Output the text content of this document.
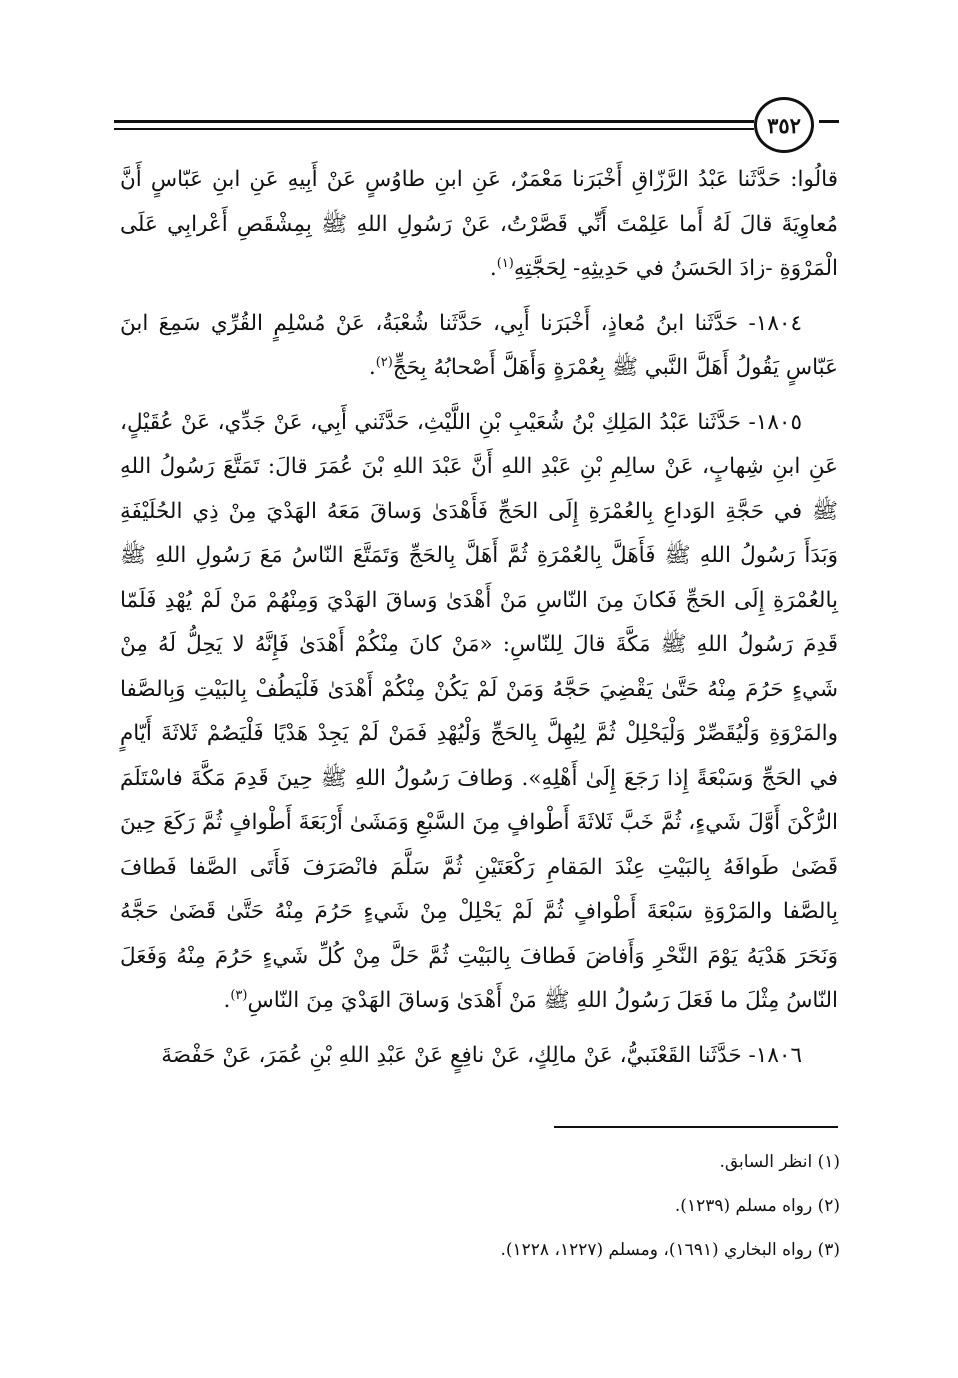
٣٥٢

قالُوا: حَدَّثَنا عَبْدُ الرَّزّاقِ أَخْبَرَنا مَعْمَرٌ، عَنِ ابنِ طاوُسٍ عَنْ أَبِيهِ عَنِ ابنِ عَبّاسٍ أَنَّ مُعاوِيَةَ قالَ لَهُ أَما عَلِمْتَ أَنِّي قَصَّرْتُ، عَنْ رَسُولِ اللهِ ﷺ بِمِشْقَصِ أَعْرابِي عَلَى الْمَرْوَةِ -زادَ الحَسَنُ في حَدِيثِهِ- لِحَجَّتِهِ$^{(١)}$.

١٨٠٤- حَدَّثَنا ابنُ مُعاذٍ، أَخْبَرَنا أَبِي، حَدَّثَنا شُعْبَةُ، عَنْ مُسْلِمٍ القُرِّي سَمِعَ ابنَ عَبّاسٍ يَقُولُ أَهَلَّ النَّبي ﷺ بِعُمْرَةٍ وَأَهَلَّ أَصْحابُهُ بِحَجٍّ$^{(٢)}$.

١٨٠٥- حَدَّثَنا عَبْدُ المَلِكِ بْنُ شُعَيْبِ بْنِ اللَّيْثِ، حَدَّثَني أَبِي، عَنْ جَدِّي، عَنْ عُقَيْلٍ، عَنِ ابنِ شِهابٍ، عَنْ سالِمِ بْنِ عَبْدِ اللهِ أَنَّ عَبْدَ اللهِ بْنَ عُمَرَ قالَ: تَمَتَّعَ رَسُولُ اللهِ ﷺ في حَجَّةِ الوَداعِ بِالعُمْرَةِ إِلَى الحَجِّ فَأَهْدَىٰ وَساقَ مَعَهُ الهَدْيَ مِنْ ذِي الحُلَيْفَةِ وَبَدَأَ رَسُولُ اللهِ ﷺ فَأَهَلَّ بِالعُمْرَةِ ثُمَّ أَهَلَّ بِالحَجِّ وَتَمَتَّعَ النّاسُ مَعَ رَسُولِ اللهِ ﷺ بِالعُمْرَةِ إِلَى الحَجِّ فَكانَ مِنَ النّاسِ مَنْ أَهْدَىٰ وَساقَ الهَدْيَ وَمِنْهُمْ مَنْ لَمْ يُهْدِ فَلَمّا قَدِمَ رَسُولُ اللهِ ﷺ مَكَّةَ قالَ لِلنّاسِ: «مَنْ كانَ مِنْكُمْ أَهْدَىٰ فَإِنَّهُ لا يَحِلُّ لَهُ مِنْ شَيءٍ حَرُمَ مِنْهُ حَتَّىٰ يَقْضِيَ حَجَّهُ وَمَنْ لَمْ يَكُنْ مِنْكُمْ أَهْدَىٰ فَلْيَطُفْ بِالبَيْتِ وَبِالصَّفا والمَرْوَةِ وَلْيُقَصِّرْ وَلْيَحْلِلْ ثُمَّ لِيُهِلَّ بِالحَجِّ وَلْيُهْدِ فَمَنْ لَمْ يَجِدْ هَدْيًا فَلْيَصُمْ ثَلاثَةَ أَيّامٍ في الحَجِّ وَسَبْعَةً إِذا رَجَعَ إِلَىٰ أَهْلِهِ». وَطافَ رَسُولُ اللهِ ﷺ حِينَ قَدِمَ مَكَّةَ فاسْتَلَمَ الرُّكْنَ أَوَّلَ شَيءٍ، ثُمَّ خَبَّ ثَلاثَةَ أَطْوافٍ مِنَ السَّبْعِ وَمَشَىٰ أَرْبَعَةَ أَطْوافٍ ثُمَّ رَكَعَ حِينَ قَضَىٰ طَوافَهُ بِالبَيْتِ عِنْدَ المَقامِ رَكْعَتَيْنِ ثُمَّ سَلَّمَ فانْصَرَفَ فَأَتَى الصَّفا فَطافَ بِالصَّفا والمَرْوَةِ سَبْعَةَ أَطْوافٍ ثُمَّ لَمْ يَحْلِلْ مِنْ شَيءٍ حَرُمَ مِنْهُ حَتَّىٰ قَضَىٰ حَجَّهُ وَنَحَرَ هَدْيَهُ يَوْمَ النَّحْرِ وَأَفاضَ فَطافَ بِالبَيْتِ ثُمَّ حَلَّ مِنْ كُلِّ شَيءٍ حَرُمَ مِنْهُ وَفَعَلَ النّاسُ مِثْلَ ما فَعَلَ رَسُولُ اللهِ ﷺ مَنْ أَهْدَىٰ وَساقَ الهَدْيَ مِنَ النّاسِ$^{(٣)}$.

١٨٠٦- حَدَّثَنا القَعْنَبيُّ، عَنْ مالِكٍ، عَنْ نافِعٍ عَنْ عَبْدِ اللهِ بْنِ عُمَرَ، عَنْ حَفْصَةَ

(١) انظر السابق.

(٢) رواه مسلم (١٢٣٩).

(٣) رواه البخاري (١٦٩١)، ومسلم (١٢٢٧، ١٢٢٨).
